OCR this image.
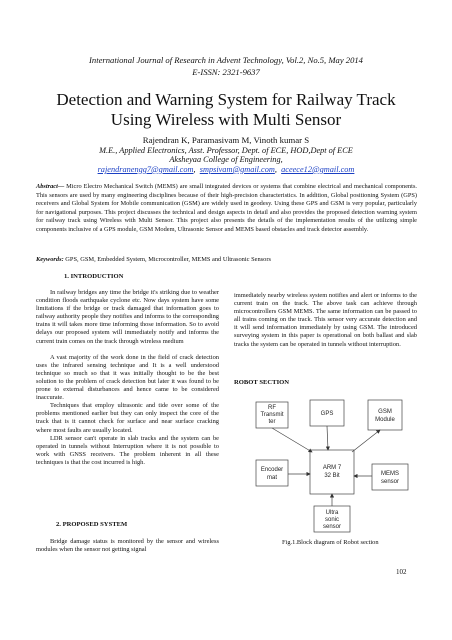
International Journal of Research in Advent Technology, Vol.2, No.5, May 2014
E-ISSN: 2321-9637
Detection and Warning System for Railway Track
Using Wireless with Multi Sensor
Rajendran K, Paramasivam M, Vinoth kumar S
M.E., Applied Electronics, Asst. Professor, Dept. of ECE, HOD,Dept of ECE
Aksheyaa College of Engineering,
rajendranengg7@gmail.com,  smpsivam@gmail.com,  aceece12@gmail.com
Abstract— Micro Electro Mechanical Switch (MEMS) are small integrated devices or systems that combine electrical and mechanical components. This sensors are used by many engineering disciplines because of their high-precision characteristics. In addition, Global positioning System (GPS) receivers and Global System for Mobile communication (GSM) are widely used in geodesy. Using these GPS and GSM is very popular, particularly for navigational purposes. This project discusses the technical and design aspects in detail and also provides the proposed detection warning system for railway track using Wireless with Multi Sensor. This project also presents the details of the implementation results of the utilizing simple components inclusive of a GPS module, GSM Modem, Ultrasonic Sensor and MEMS based obstacles and track detector assembly.
Keywords: GPS, GSM, Embedded System, Microcontroller, MEMS and Ultrasonic Sensors
1. INTRODUCTION

In railway bridges any time the bridge it's striking due to weather condition floods earthquake cyclone etc. Now days system have some limitations if the bridge or track damaged that information goes to railway authority people they notifies and informs to the corresponding trains it will takes more time informing those information. So to avoid delays our proposed system will immediately notify and informs the current train comes on the track through wireless medium

A vast majority of the work done in the field of crack detection uses the infrared sensing technique and It is a well understood technique so much so that it was initially thought to be the best solution to the problem of crack detection but later it was found to be prone to external disturbances and hence came to be considered inaccurate.

Techniques that employ ultrasonic and tide over some of the problems mentioned earlier but they can only inspect the core of the track that is it cannot check for surface and near surface cracking where most faults are usually located.

LDR sensor can't operate in slab tracks and the system can be operated in tunnels without Interruption where it is not possible to work with GNSS receivers. The problem inherent in all these techniques is that the cost incurred is high.

2. PROPOSED SYSTEM

Bridge damage status is monitored by the sensor and wireless modules when the sensor not getting signal

immediately nearby wireless system notifies and alert or informs to the current train on the track. The above task can achieve through microcontrollers GSM MEMS. The same information can be passed to all trains coming on the track. This sensor very accurate detection and it will send information immediately by using GSM. The introduced surveying system in this paper is operational on both ballast and slab tracks the system can be operated in tunnels without interruption.

ROBOT SECTION
RF Transmit ter
GPS	GSM Module
Encoder mat
ARM 7 32 Bit	MEMS sensor
Ultra sonic sensor
Fig.1.Block diagram of Robot section
102
